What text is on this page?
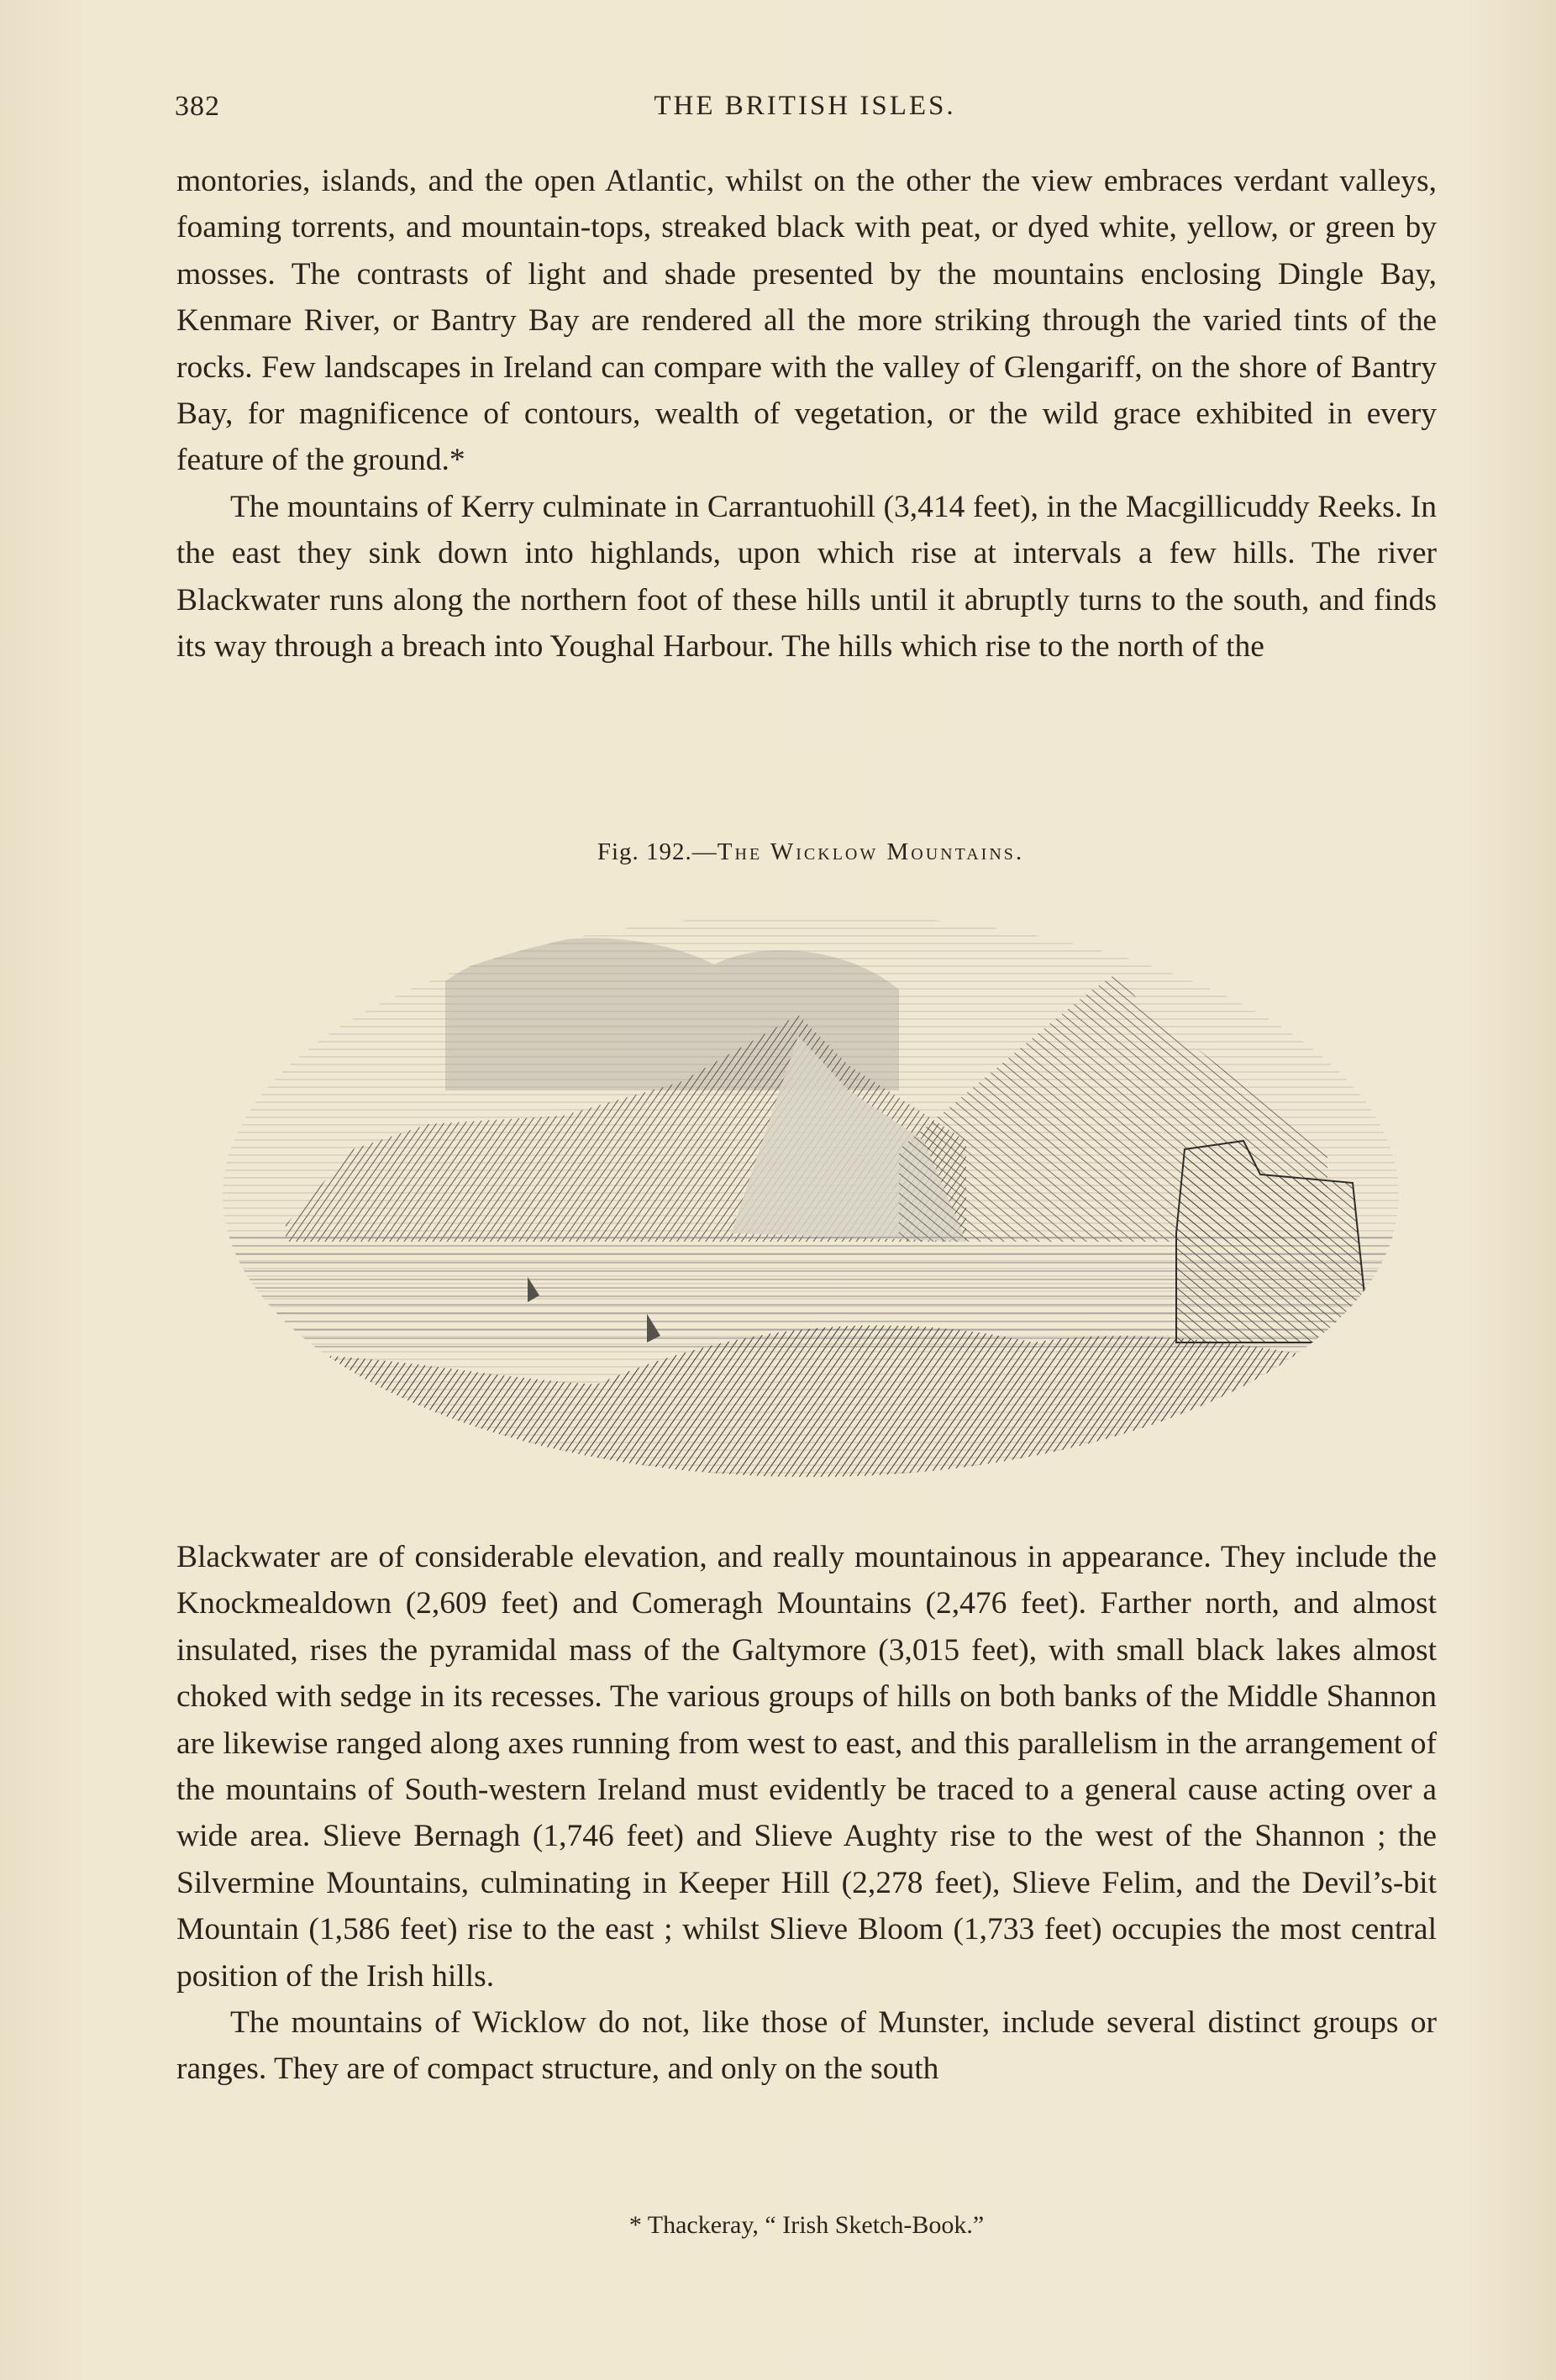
382	THE BRITISH ISLES.

montories, islands, and the open Atlantic, whilst on the other the view embraces verdant valleys, foaming torrents, and mountain-tops, streaked black with peat, or dyed white, yellow, or green by mosses. The contrasts of light and shade presented by the mountains enclosing Dingle Bay, Kenmare River, or Bantry Bay are rendered all the more striking through the varied tints of the rocks. Few landscapes in Ireland can compare with the valley of Glengariff, on the shore of Bantry Bay, for magnificence of contours, wealth of vegetation, or the wild grace exhibited in every feature of the ground.*

The mountains of Kerry culminate in Carrantuohill (3,414 feet), in the Macgillicuddy Reeks. In the east they sink down into highlands, upon which rise at intervals a few hills. The river Blackwater runs along the northern foot of these hills until it abruptly turns to the south, and finds its way through a breach into Youghal Harbour. The hills which rise to the north of the

Fig. 192.—The Wicklow Mountains.

Blackwater are of considerable elevation, and really mountainous in appearance. They include the Knockmealdown (2,609 feet) and Comeragh Mountains (2,476 feet). Farther north, and almost insulated, rises the pyramidal mass of the Galtymore (3,015 feet), with small black lakes almost choked with sedge in its recesses. The various groups of hills on both banks of the Middle Shannon are likewise ranged along axes running from west to east, and this parallelism in the arrangement of the mountains of South-western Ireland must evidently be traced to a general cause acting over a wide area. Slieve Bernagh (1,746 feet) and Slieve Aughty rise to the west of the Shannon ; the Silvermine Mountains, culminating in Keeper Hill (2,278 feet), Slieve Felim, and the Devil’s-bit Mountain (1,586 feet) rise to the east ; whilst Slieve Bloom (1,733 feet) occupies the most central position of the Irish hills.

The mountains of Wicklow do not, like those of Munster, include several distinct groups or ranges. They are of compact structure, and only on the south

* Thackeray, “ Irish Sketch-Book.”
